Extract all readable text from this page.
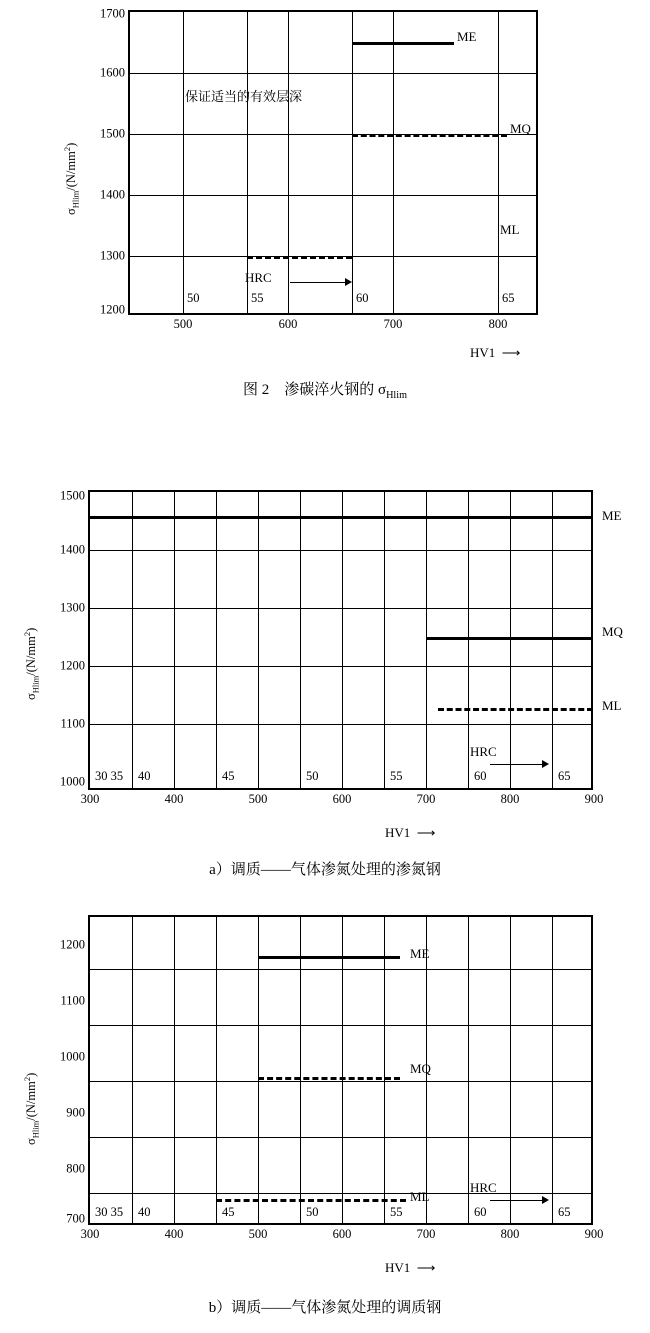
$\sigma_{Hlim}/(N/mm^2)$
1700
1600
1500
1400
1300
1200
500	600	700	800
50	55	60	65
保证适当的有效层深
HRC
ME
MQ
ML
HV1  ⟶
图 2    渗碳淬火钢的 $\sigma_{Hlim}$
$\sigma_{Hlim}/(N/mm^2)$
1500
1400
1300
1200
1100
1000
300	400	500	600	700	800	900
30 35 40	45	50	55	60	65
HRC
ME
MQ
ML
HV1  ⟶
a）调质——气体渗氮处理的渗氮钢
$\sigma_{Hlim}/(N/mm^2)$
1200
1100
1000
900
800
700
300	400	500	600	700	800	900
30 35 40	45	50	55	60	65
HRC
ME
MQ
ML
HV1  ⟶
b）调质——气体渗氮处理的调质钢
